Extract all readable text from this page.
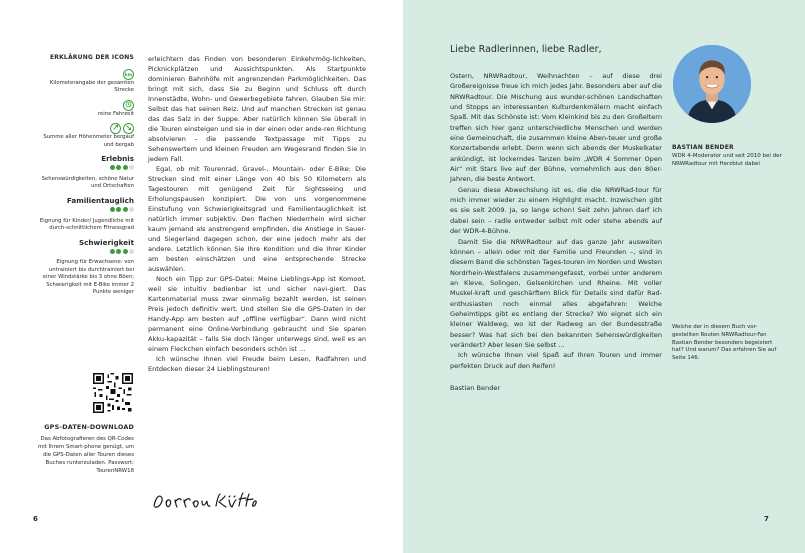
ERKLÄRUNG DER ICONS
km
Kilometerangabe der gesamten Strecke

reine Fahrzeit

Summe aller Höhenmeter bergauf und bergab
Erlebnis
Sehenswürdigkeiten, schöne Natur und Ortschaften
Familientauglich
Eignung für Kinder/ Jugendliche mit durch-schnittlichem Fitnessgrad
Schwierigkeit
Eignung für Erwachsene: von untrainiert bis durchtrainiert bei einer Windstärke bis 3 ohne Böen; Schwierigkeit mit E-Bike immer 2 Punkte weniger
GPS-DATEN-DOWNLOAD
Das Abfotografieren des QR-Codes mit Ihrem Smart-phone genügt, um die GPS-Daten aller Touren dieses Buches runterzuladen. Passwort: TourenNRW18

erleichtern das Finden von besonderen Einkehrmög-lichkeiten, Picknickplätzen und Aussichtspunkten. Als Startpunkte dominieren Bahnhöfe mit angrenzenden Parkmöglichkeiten. Das bringt mit sich, dass Sie zu Beginn und Schluss oft durch Innenstädte, Wohn- und Gewerbegebiete fahren. Glauben Sie mir: Selbst das hat seinen Reiz. Und auf manchen Strecken ist genau das das Salz in der Suppe. Aber natürlich können Sie überall in die Touren einsteigen und sie in der einen oder ande-ren Richtung absolvieren – die passende Textpassage mit Tipps zu Sehenswertem und kleinen Freuden am Wegesrand finden Sie in jedem Fall.

Egal, ob mit Tourenrad, Gravel-, Mountain- oder E-Bike: Die Strecken sind mit einer Länge von 40 bis 50 Kilometern als Tagestouren mit genügend Zeit für Sightseeing und Erholungspausen konzipiert. Die von uns vorgenommene Einstufung von Schwierigkeitsgrad und Familientauglichkeit ist natürlich immer subjektiv. Den flachen Niederrhein wird sicher kaum jemand als anstrengend empfinden, die Anstiege in Sauer- und Siegerland dagegen schon, der eine jedoch mehr als der andere. Letztlich können Sie Ihre Kondition und die Ihrer Kinder am besten einschätzen und eine entsprechende Strecke auswählen.

Noch ein Tipp zur GPS-Datei: Meine Lieblings-App ist Komoot, weil sie intuitiv bedienbar ist und sicher navi-giert. Das Kartenmaterial muss zwar einmalig bezahlt werden, ist seinen Preis jedoch definitiv wert. Und stellen Sie die GPS-Daten in der Handy-App am besten auf „offline verfügbar“. Dann wird nicht permanent eine Online-Verbindung gebraucht und Sie sparen Akku-kapazität – falls Sie doch länger unterwegs sind, weil es an einem Fleckchen einfach besonders schön ist …

Ich wünsche Ihnen viel Freude beim Lesen, Radfahren und Entdecken dieser 24 Lieblingstouren!

6
Liebe Radlerinnen, liebe Radler,

Ostern, NRWRadtour, Weihnachten – auf diese drei Großereignisse freue ich mich jedes Jahr. Besonders aber auf die NRWRadtour. Die Mischung aus wunder-schönen Landschaften und Stopps an interessanten Kulturdenkmälern macht einfach Spaß. Mit das Schönste ist: Vom Kleinkind bis zu den Großeltern treffen sich hier ganz unterschiedliche Menschen und werden eine Gemeinschaft, die zusammen kleine Aben-teuer und große Konzertabende erlebt. Denn wenn sich abends der Muskelkater ankündigt, ist lockerndes Tanzen beim „WDR 4 Sommer Open Air“ mit Stars live auf der Bühne, vornehmlich aus den 80er-Jahren, die beste Antwort.

Genau diese Abwechslung ist es, die die NRWRad-tour für mich immer wieder zu einem Highlight macht. Inzwischen gibt es sie seit 2009. Ja, so lange schon! Seit zehn Jahren darf ich dabei sein – radle entweder selbst mit oder stehe abends auf der WDR-4-Bühne.

Damit Sie die NRWRadtour auf das ganze Jahr ausweiten können – allein oder mit der Familie und Freunden –, sind in diesem Band die schönsten Tages-touren im Norden und Westen Nordrhein-Westfalens zusammengefasst, vorbei unter anderem an Kleve, Solingen, Gelsenkirchen und Rheine. Mit voller Muskel-kraft und geschärftem Blick für Details sind dafür Rad-enthusiasten noch einmal alles abgefahren: Welche Geheimtipps gibt es entlang der Strecke? Wo eignet sich ein kleiner Waldweg, wo ist der Radweg an der Bundesstraße besser? Was hat sich bei den bekannten Sehenswürdigkeiten verändert? Aber lesen Sie selbst …

Ich wünsche Ihnen viel Spaß auf Ihren Touren und immer perfekten Druck auf den Reifen!

Bastian Bender

BASTIAN BENDER
WDR 4-Moderator und seit 2010 bei der NRWRadtour mit Herzblut dabei
Welche der in diesem Buch vor-gestellten Routen NRWRadtour-Fan Bastian Bender besonders begeistert hat? Und warum? Das erfahren Sie auf Seite 146.
7
